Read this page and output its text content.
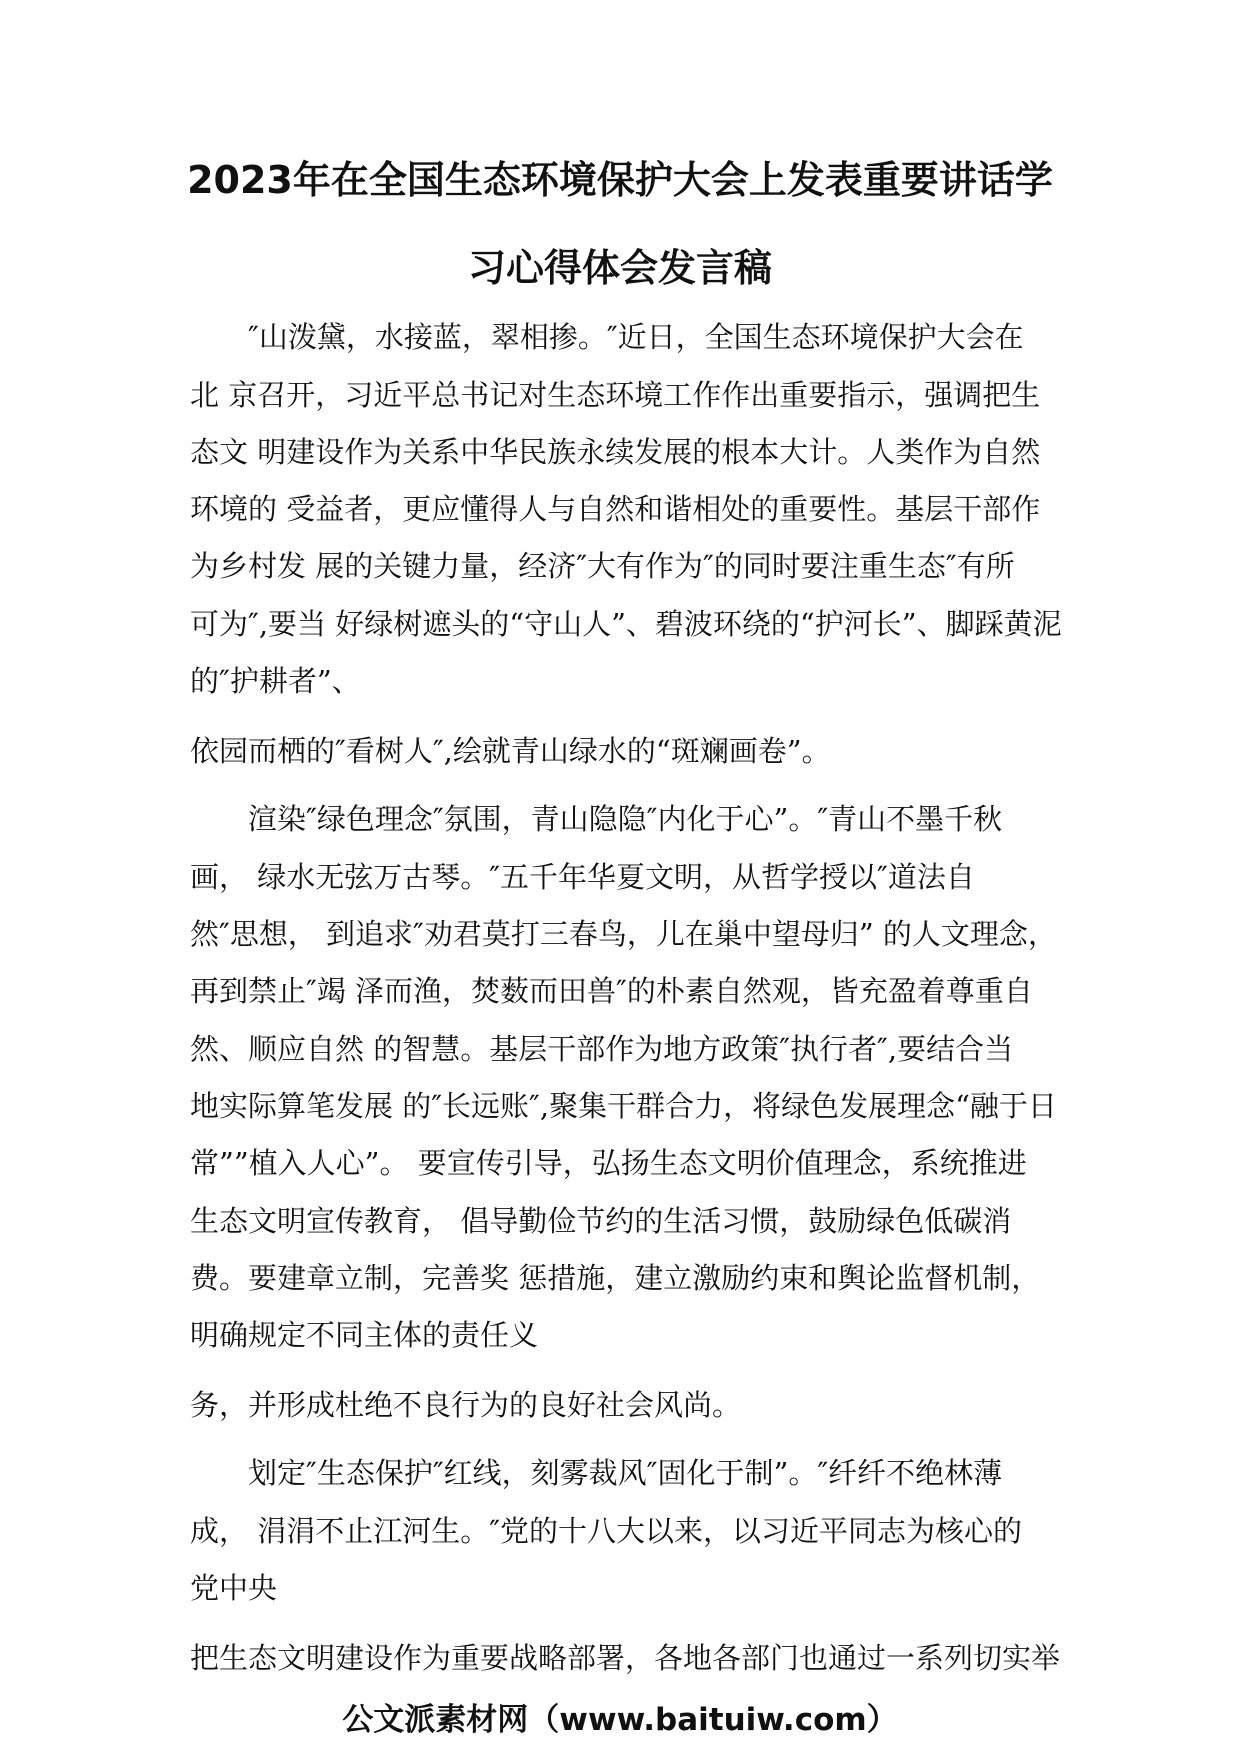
2023年在全国生态环境保护大会上发表重要讲话学
习心得体会发言稿
″山泼黛，水接蓝，翠相掺。″近日，全国生态环境保护大会在
北 京召开，习近平总书记对生态环境工作作出重要指示，强调把生
态文 明建设作为关系中华民族永续发展的根本大计。人类作为自然
环境的 受益者，更应懂得人与自然和谐相处的重要性。基层干部作
为乡村发 展的关键力量，经济″大有作为″的同时要注重生态″有所
可为″,要当 好绿树遮头的“守山人”、碧波环绕的“护河长”、脚踩黄泥
的″护耕者”、
依园而栖的″看树人″,绘就青山绿水的“斑斓画卷”。
渲染″绿色理念″氛围，青山隐隐″内化于心”。″青山不墨千秋
画， 绿水无弦万古琴。″五千年华夏文明，从哲学授以″道法自
然″思想， 到追求″劝君莫打三春鸟，儿在巢中望母归” 的人文理念，
再到禁止″竭 泽而渔，焚薮而田兽″的朴素自然观，皆充盈着尊重自
然、顺应自然 的智慧。基层干部作为地方政策″执行者″,要结合当
地实际算笔发展 的″长远账″,聚集干群合力，将绿色发展理念“融于日
常””植入人心”。 要宣传引导，弘扬生态文明价值理念，系统推进
生态文明宣传教育， 倡导勤俭节约的生活习惯，鼓励绿色低碳消
费。要建章立制，完善奖 惩措施，建立激励约束和舆论监督机制，
明确规定不同主体的责任义
务，并形成杜绝不良行为的良好社会风尚。
划定″生态保护″红线，刻雾裁风″固化于制”。″纤纤不绝林薄
成， 涓涓不止江河生。″党的十八大以来，以习近平同志为核心的
党中央
把生态文明建设作为重要战略部署，各地各部门也通过一系列切实举
公文派素材网（www.baituiw.com）
